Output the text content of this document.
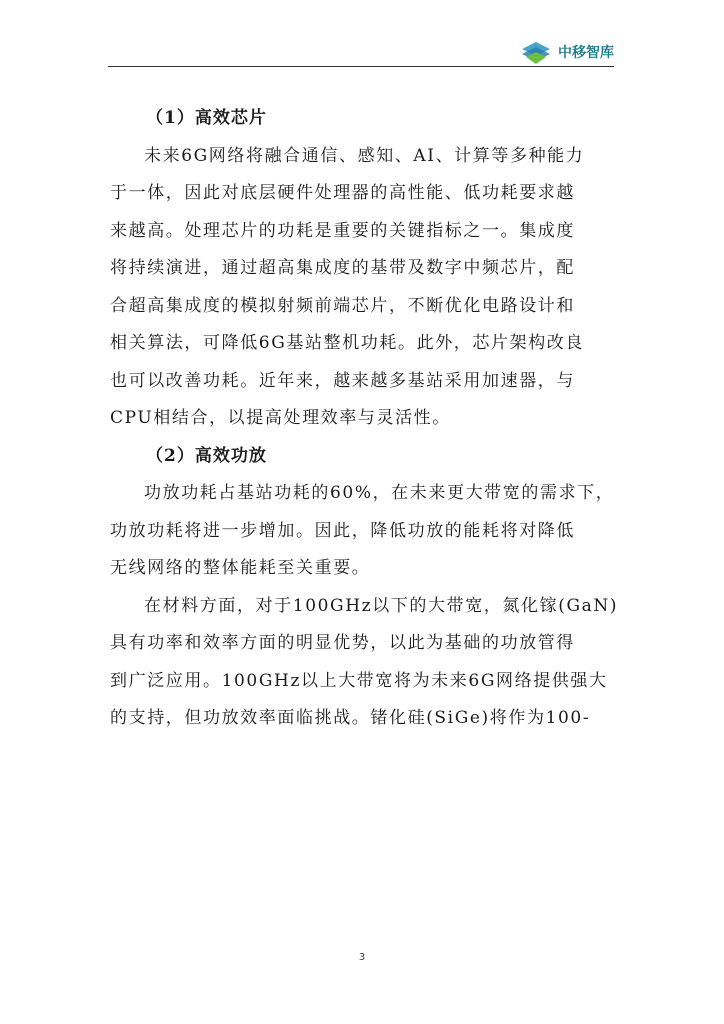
中移智库

（1）高效芯片

未来6G网络将融合通信、感知、AI、计算等多种能力
于一体，因此对底层硬件处理器的高性能、低功耗要求越
来越高。处理芯片的功耗是重要的关键指标之一。集成度
将持续演进，通过超高集成度的基带及数字中频芯片，配
合超高集成度的模拟射频前端芯片，不断优化电路设计和
相关算法，可降低6G基站整机功耗。此外，芯片架构改良
也可以改善功耗。近年来，越来越多基站采用加速器，与
CPU相结合，以提高处理效率与灵活性。

（2）高效功放

功放功耗占基站功耗的60%，在未来更大带宽的需求下，
功放功耗将进一步增加。因此，降低功放的能耗将对降低
无线网络的整体能耗至关重要。

在材料方面，对于100GHz以下的大带宽，氮化镓(GaN)
具有功率和效率方面的明显优势，以此为基础的功放管得
到广泛应用。100GHz以上大带宽将为未来6G网络提供强大
的支持，但功放效率面临挑战。锗化硅(SiGe)将作为100-

3
